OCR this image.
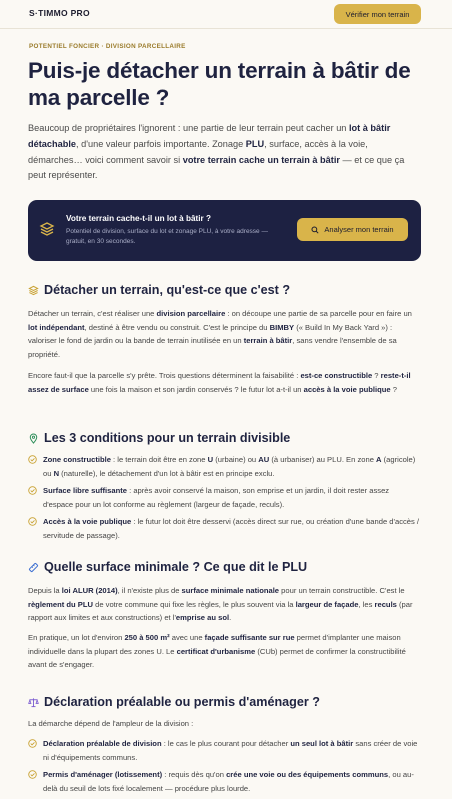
S·TIMMO PRO	Vérifier mon terrain
POTENTIEL FONCIER · DIVISION PARCELLAIRE
Puis-je détacher un terrain à bâtir de ma parcelle ?

Beaucoup de propriétaires l'ignorent : une partie de leur terrain peut cacher un lot à bâtir détachable, d'une valeur parfois importante. Zonage PLU, surface, accès à la voie, démarches… voici comment savoir si votre terrain cache un terrain à bâtir — et ce que ça peut représenter.

Votre terrain cache-t-il un lot à bâtir ?
Potentiel de division, surface du lot et zonage PLU, à votre adresse — gratuit, en 30 secondes.
Analyser mon terrain
Détacher un terrain, qu'est-ce que c'est ?

Détacher un terrain, c'est réaliser une division parcellaire : on découpe une partie de sa parcelle pour en faire un lot indépendant, destiné à être vendu ou construit. C'est le principe du BIMBY (« Build In My Back Yard ») : valoriser le fond de jardin ou la bande de terrain inutilisée en un terrain à bâtir, sans vendre l'ensemble de sa propriété.

Encore faut-il que la parcelle s'y prête. Trois questions déterminent la faisabilité : est-ce constructible ? reste-t-il assez de surface une fois la maison et son jardin conservés ? le futur lot a-t-il un accès à la voie publique ?

Les 3 conditions pour un terrain divisible
Zone constructible : le terrain doit être en zone U (urbaine) ou AU (à urbaniser) au PLU. En zone A (agricole) ou N (naturelle), le détachement d'un lot à bâtir est en principe exclu.
Surface libre suffisante : après avoir conservé la maison, son emprise et un jardin, il doit rester assez d'espace pour un lot conforme au règlement (largeur de façade, reculs).
Accès à la voie publique : le futur lot doit être desservi (accès direct sur rue, ou création d'une bande d'accès / servitude de passage).
Quelle surface minimale ? Ce que dit le PLU

Depuis la loi ALUR (2014), il n'existe plus de surface minimale nationale pour un terrain constructible. C'est le règlement du PLU de votre commune qui fixe les règles, le plus souvent via la largeur de façade, les reculs (par rapport aux limites et aux constructions) et l'emprise au sol.

En pratique, un lot d'environ 250 à 500 m² avec une façade suffisante sur rue permet d'implanter une maison individuelle dans la plupart des zones U. Le certificat d'urbanisme (CUb) permet de confirmer la constructibilité avant de s'engager.

Déclaration préalable ou permis d'aménager ?

La démarche dépend de l'ampleur de la division :

Déclaration préalable de division : le cas le plus courant pour détacher un seul lot à bâtir sans créer de voie ni d'équipements communs.
Permis d'aménager (lotissement) : requis dès qu'on crée une voie ou des équipements communs, ou au-delà du seuil de lots fixé localement — procédure plus lourde.
